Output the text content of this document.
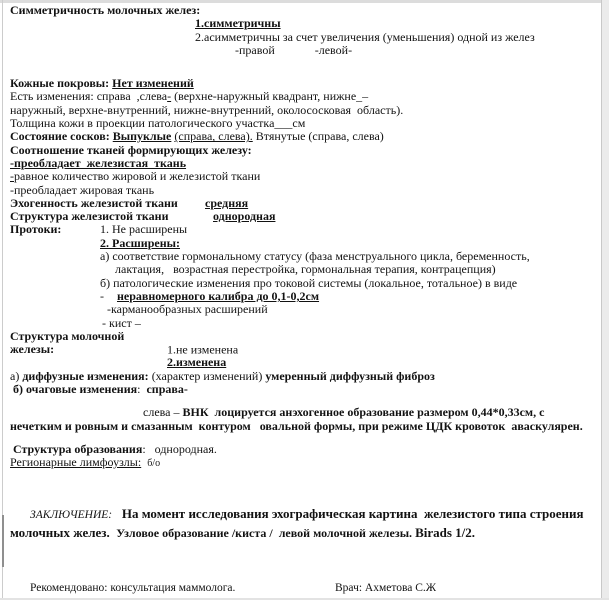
Симметричность молочных желез:
1.симметричны
2.асимметричны за счет увеличения (уменьшения) одной из желез
-правой	-левой-
Кожные покровы: Нет изменений
Есть изменения: справа  ,слева- (верхне-наружный квадрант, нижне_–
наружный, верхне-внутренний, нижне-внутренний, околососковая  область).
Толщина кожи в проекции патологического участка___см
Состояние сосков: Выпуклые (справа, слева). Втянутые (справа, слева)
Соотношение тканей формирующих железу:
-преобладает  железистая  ткань
-равное количество жировой и железистой ткани
-преобладает жировая ткань
Эхогенность железистой ткани средняя
Структура железистой ткани	однородная
Протоки:	1. Не расширены
2. Расширены:
а) соответствие гормональному статусу (фаза менструального цикла, беременность,
лактация,   возрастная перестройка, гормональная терапия, контрацепция)
б) патологические изменения про токовой системы (локальное, тотальное) в виде
- неравномерного калибра до 0,1-0,2см
-карманообразных расширений
- кист –
Структура молочной железы:	1.не изменена
2.изменена
а) диффузные изменения: (характер изменений) умеренный диффузный фиброз
б) очаговые изменения:  справа-
слева – ВНК  лоцируется анэхогенное образование размером 0,44*0,33см, с
нечетким и ровным и смазанным  контуром   овальной формы, при режиме ЦДК кровоток  аваскулярен.
Структура образования:   однородная.
Регионарные лимфоузлы: б/о
ЗАКЛЮЧЕНИЕ: На момент исследования эхографическая картина  железистого типа строения
молочных желез.  Узловое образование /киста /  левой молочной железы. Birads 1/2.
Рекомендовано: консультация маммолога.	Врач: Ахметова С.Ж
